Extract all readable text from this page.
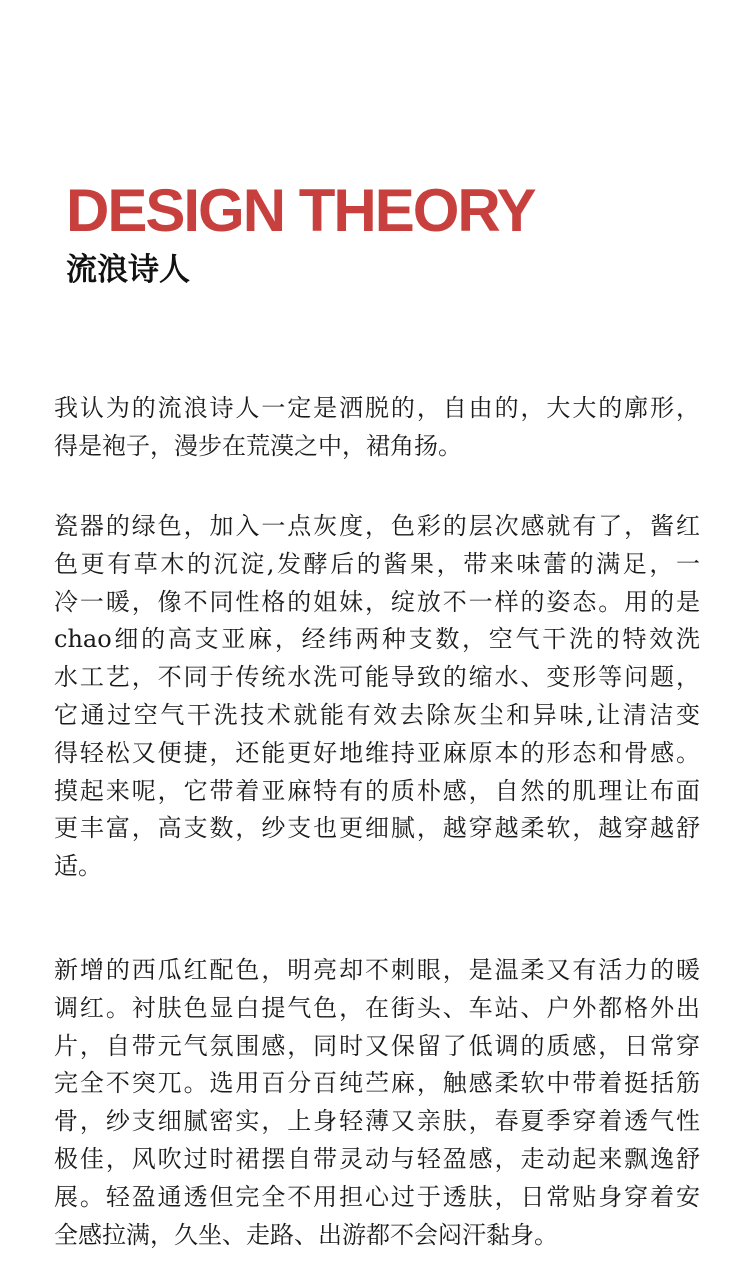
DESIGN THEORY
流浪诗人
我认为的流浪诗人一定是洒脱的，自由的，大大的廓形，
得是袍子，漫步在荒漠之中，裙角扬。
瓷器的绿色，加入一点灰度，色彩的层次感就有了，酱红
色更有草木的沉淀,发酵后的酱果，带来味蕾的满足，一
冷一暖，像不同性格的姐妹，绽放不一样的姿态。用的是
chao细的高支亚麻，经纬两种支数，空气干洗的特效洗
水工艺，不同于传统水洗可能导致的缩水、变形等问题，
它通过空气干洗技术就能有效去除灰尘和异味,让清洁变
得轻松又便捷，还能更好地维持亚麻原本的形态和骨感。
摸起来呢，它带着亚麻特有的质朴感，自然的肌理让布面
更丰富，高支数，纱支也更细腻，越穿越柔软，越穿越舒
适。
新增的西瓜红配色，明亮却不刺眼，是温柔又有活力的暖
调红。衬肤色显白提气色，在街头、车站、户外都格外出
片，自带元气氛围感，同时又保留了低调的质感，日常穿
完全不突兀。选用百分百纯苎麻，触感柔软中带着挺括筋
骨，纱支细腻密实，上身轻薄又亲肤，春夏季穿着透气性
极佳，风吹过时裙摆自带灵动与轻盈感，走动起来飘逸舒
展。轻盈通透但完全不用担心过于透肤，日常贴身穿着安
全感拉满，久坐、走路、出游都不会闷汗黏身。
